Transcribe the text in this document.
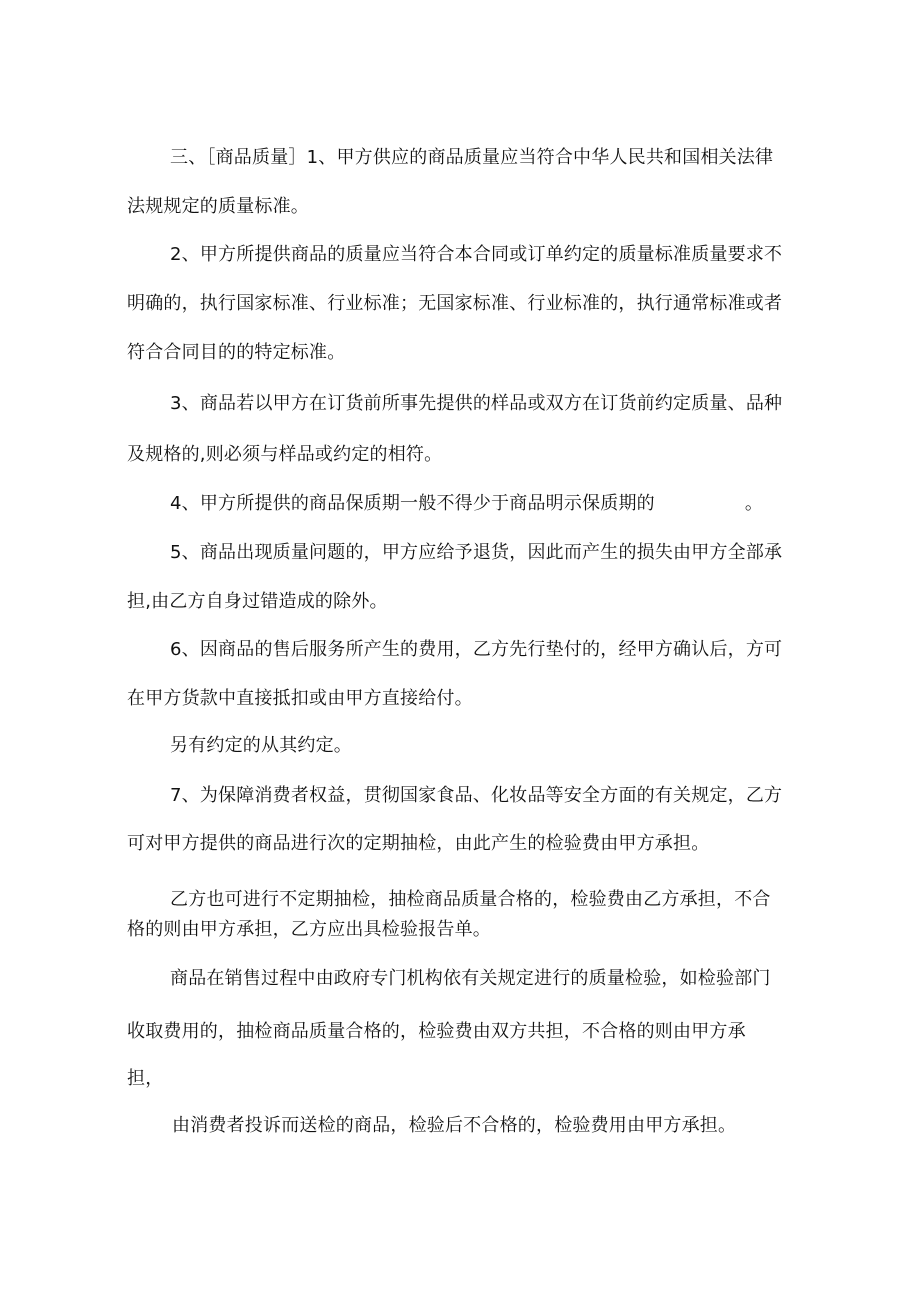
三、［商品质量］1、甲方供应的商品质量应当符合中华人民共和国相关法律
法规规定的质量标准。
2、甲方所提供商品的质量应当符合本合同或订单约定的质量标准质量要求不
明确的，执行国家标准、行业标准；无国家标准、行业标准的，执行通常标准或者
符合合同目的的特定标准。
3、商品若以甲方在订货前所事先提供的样品或双方在订货前约定质量、品种
及规格的,则必须与样品或约定的相符。
4、甲方所提供的商品保质期一般不得少于商品明示保质期的	。
5、商品出现质量问题的，甲方应给予退货，因此而产生的损失由甲方全部承
担,由乙方自身过错造成的除外。
6、因商品的售后服务所产生的费用，乙方先行垫付的，经甲方确认后，方可
在甲方货款中直接抵扣或由甲方直接给付。
另有约定的从其约定。
7、为保障消费者权益，贯彻国家食品、化妆品等安全方面的有关规定，乙方
可对甲方提供的商品进行次的定期抽检，由此产生的检验费由甲方承担。
乙方也可进行不定期抽检，抽检商品质量合格的，检验费由乙方承担，不合
格的则由甲方承担，乙方应出具检验报告单。
商品在销售过程中由政府专门机构依有关规定进行的质量检验，如检验部门
收取费用的，抽检商品质量合格的，检验费由双方共担，不合格的则由甲方承
担，
由消费者投诉而送检的商品，检验后不合格的，检验费用由甲方承担。
